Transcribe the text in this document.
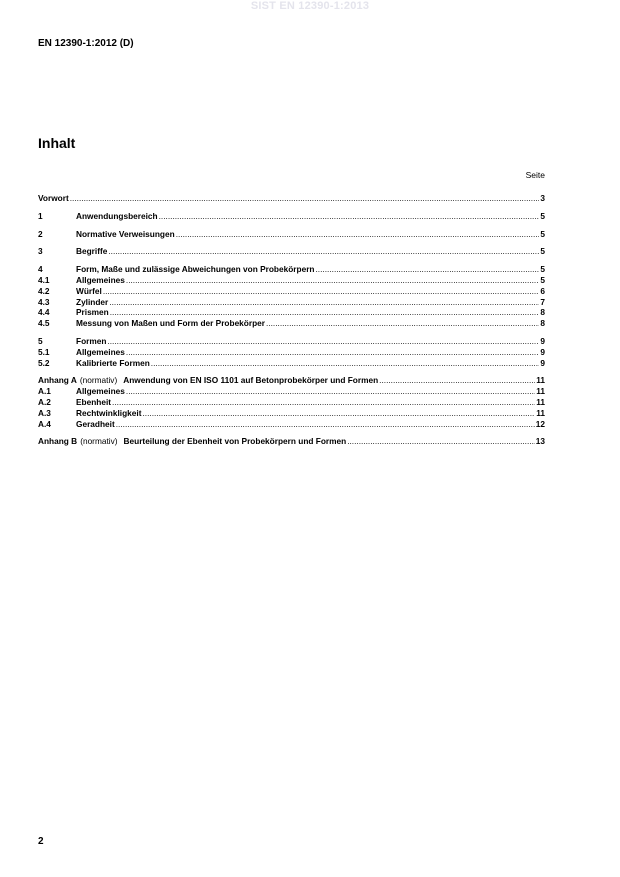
SIST EN 12390-1:2013
EN 12390-1:2012 (D)
Inhalt
Seite
Vorwort .....	3
1	Anwendungsbereich .....	5
2	Normative Verweisungen .....	5
3	Begriffe .....	5
4	Form, Maße und zulässige Abweichungen von Probekörpern .....	5
4.1	Allgemeines .....	5
4.2	Würfel .....	6
4.3	Zylinder .....	7
4.4	Prismen .....	8
4.5	Messung von Maßen und Form der Probekörper .....	8
5	Formen .....	9
5.1	Allgemeines .....	9
5.2	Kalibrierte Formen .....	9
Anhang A (normativ) Anwendung von EN ISO 1101 auf Betonprobekörper und Formen .....	11
A.1	Allgemeines .....	11
A.2	Ebenheit .....	11
A.3	Rechtwinkligkeit .....	11
A.4	Geradheit .....	12
Anhang B (normativ) Beurteilung der Ebenheit von Probekörpern und Formen .....	13
2
